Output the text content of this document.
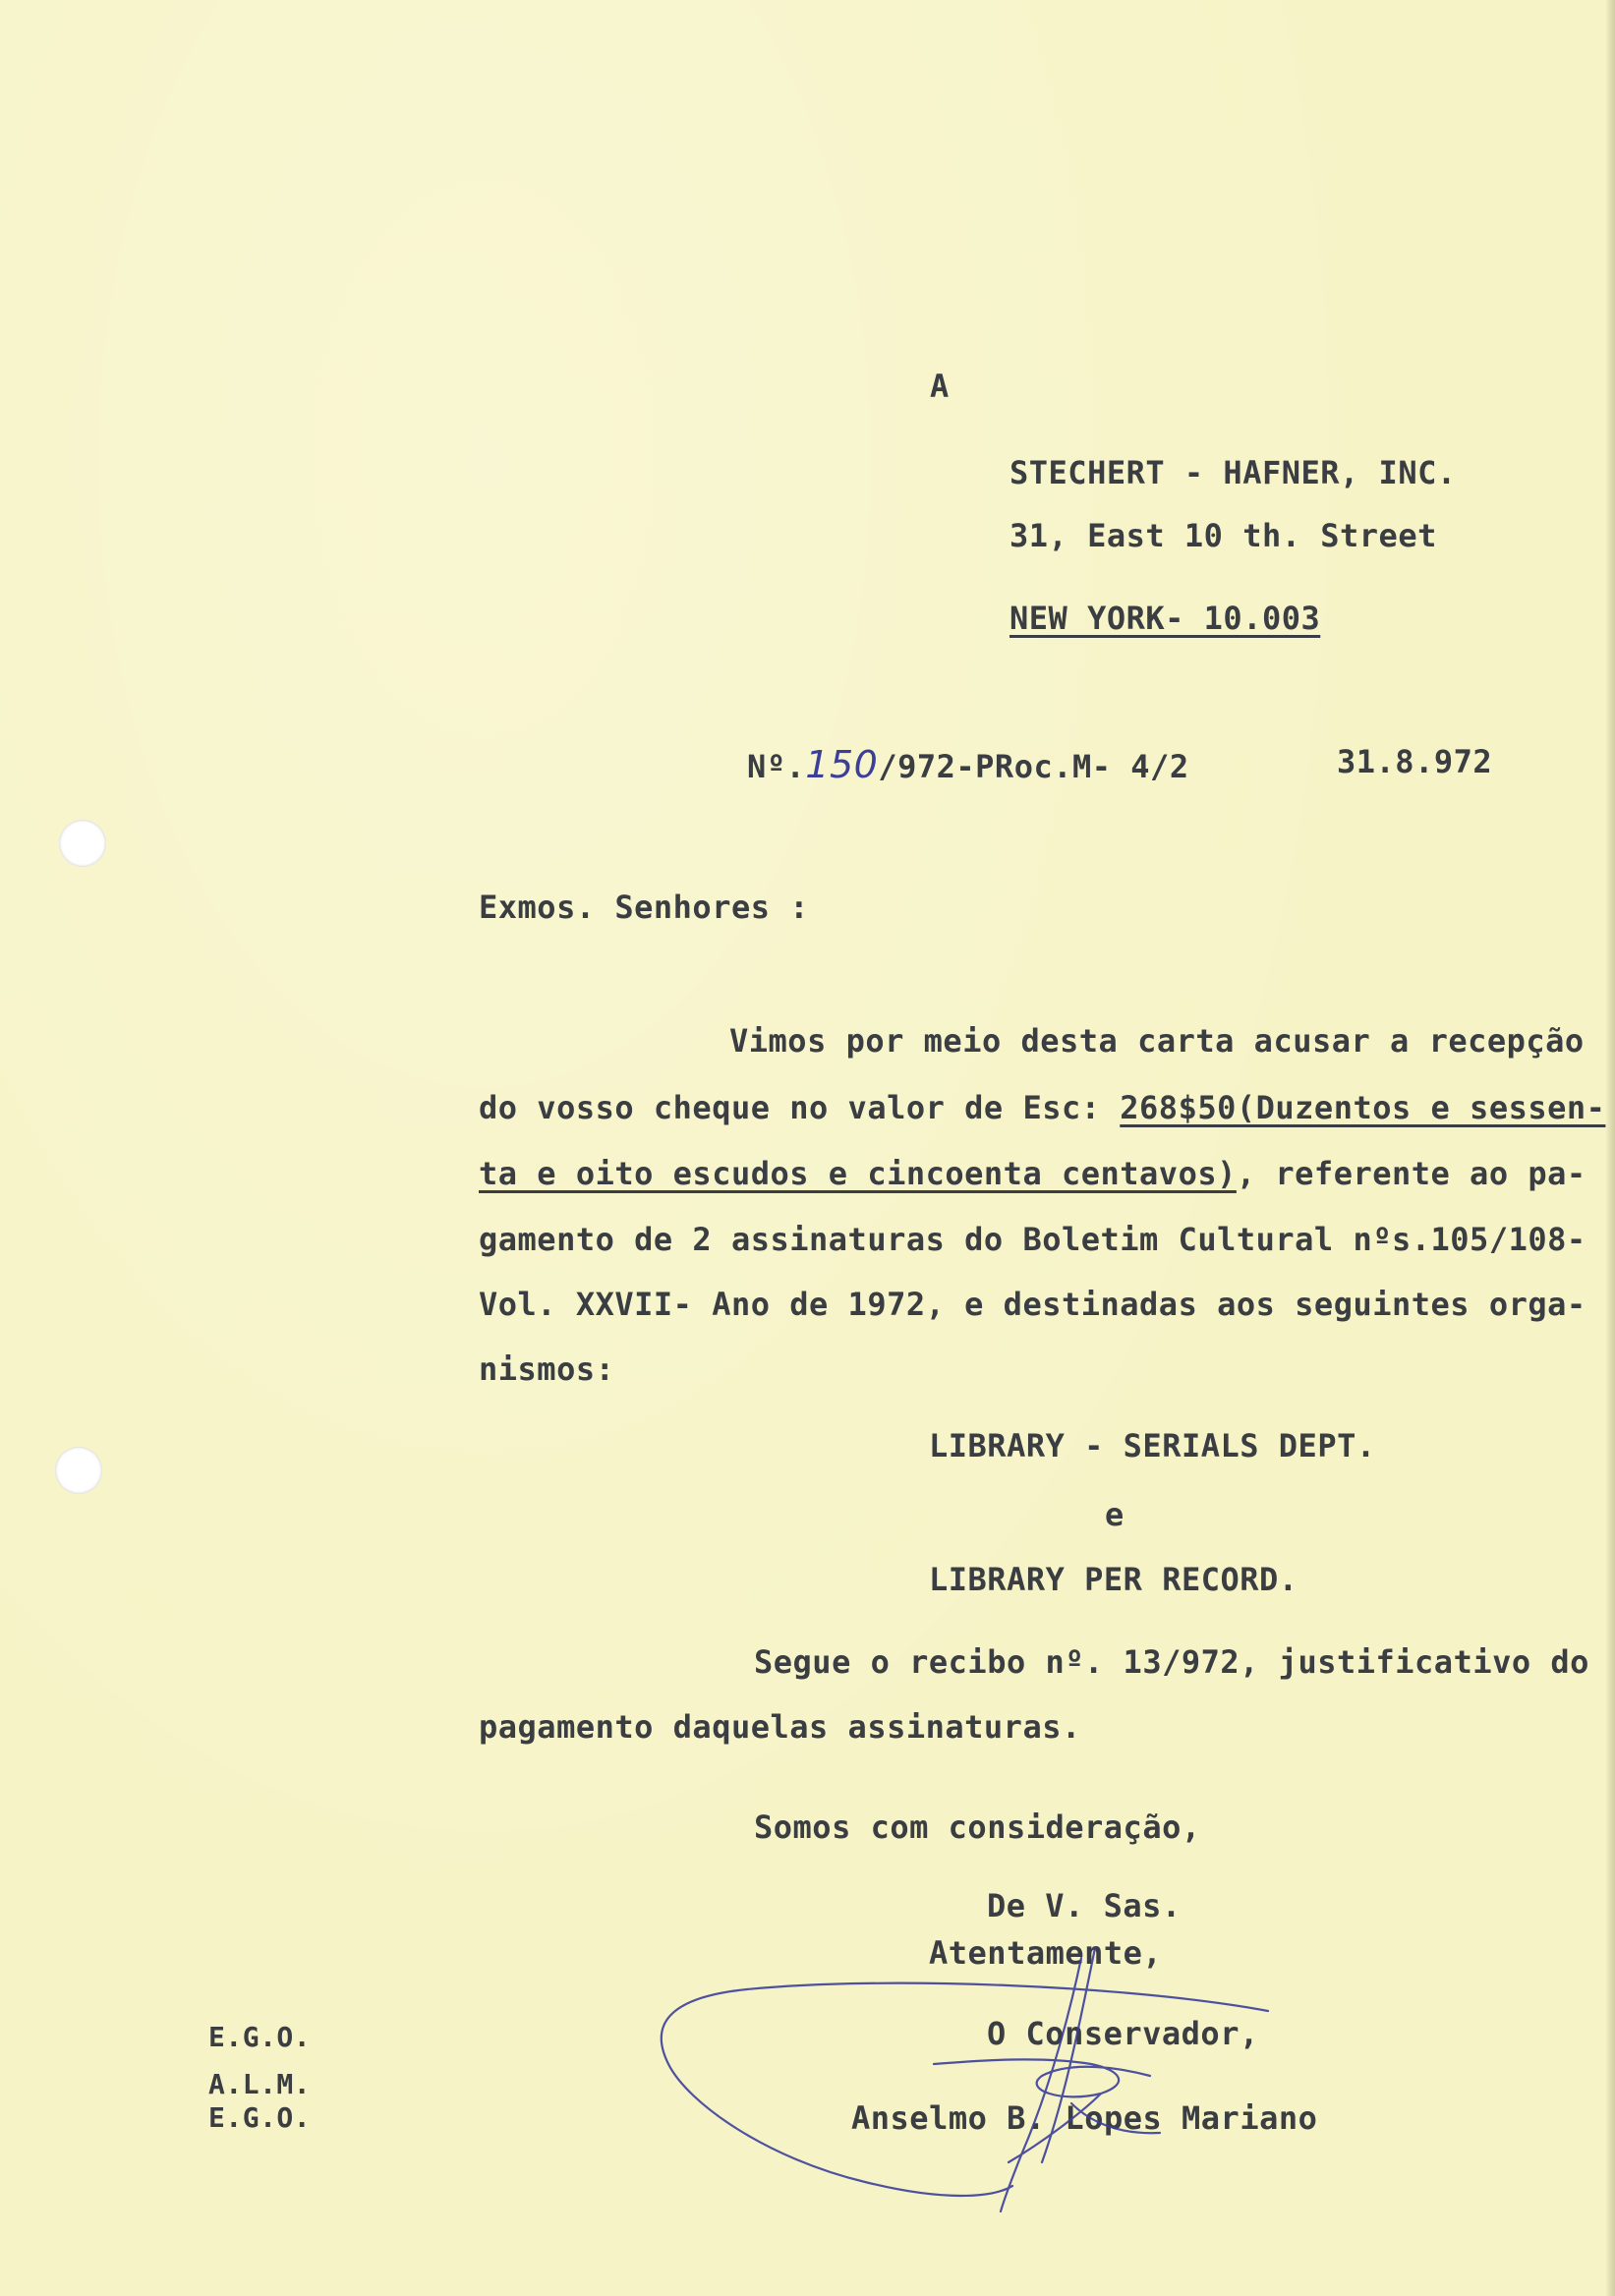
A
STECHERT - HAFNER, INC.
31, East 10 th. Street
NEW YORK- 10.003
Nº.150/972-PRoc.M- 4/2	31.8.972
Exmos. Senhores :
Vimos por meio desta carta acusar a recepção
do vosso cheque no valor de Esc: 268$50(Duzentos e sessen-
ta e oito escudos e cincoenta centavos), referente ao pa-
gamento de 2 assinaturas do Boletim Cultural nºs.105/108-
Vol. XXVII- Ano de 1972, e destinadas aos seguintes orga-
nismos:
LIBRARY - SERIALS DEPT.
e
LIBRARY PER RECORD.
Segue o recibo nº. 13/972, justificativo do
pagamento daquelas assinaturas.
Somos com consideração,
De V. Sas.
Atentamente,
O Conservador,
Anselmo B. Lopes Mariano
E.G.O.
A.L.M.
E.G.O.
